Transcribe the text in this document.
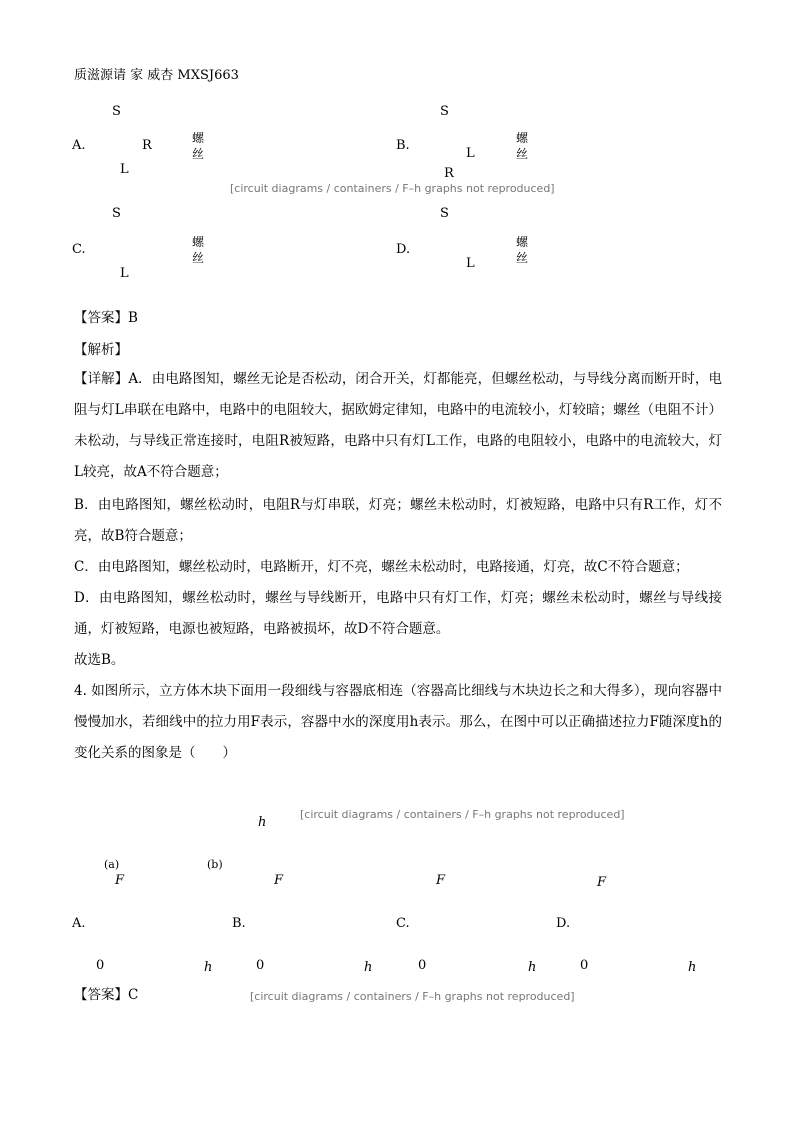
质滋源请 家 威杏 MXSJ663
A.
S
R
L
螺丝
B.
S
R
L
螺丝
C.
S
L
螺丝
D.
S
L
螺丝
[circuit diagrams / containers / F–h graphs not reproduced]
【答案】B
【解析】
【详解】A．由电路图知，螺丝无论是否松动，闭合开关，灯都能亮，但螺丝松动，与导线分离而断开时，电阻与灯L串联在电路中，电路中的电阻较大，据欧姆定律知，电路中的电流较小，灯较暗；螺丝（电阻不计）未松动，与导线正常连接时，电阻R被短路，电路中只有灯L工作，电路的电阻较小，电路中的电流较大，灯L较亮，故A不符合题意；
B．由电路图知，螺丝松动时，电阻R与灯串联，灯亮；螺丝未松动时，灯被短路，电路中只有R工作，灯不亮，故B符合题意；
C．由电路图知，螺丝松动时，电路断开，灯不亮，螺丝未松动时，电路接通，灯亮，故C不符合题意；
D．由电路图知，螺丝松动时，螺丝与导线断开，电路中只有灯工作，灯亮；螺丝未松动时，螺丝与导线接通，灯被短路，电源也被短路，电路被损坏，故D不符合题意。
故选B。
4. 如图所示，立方体木块下面用一段细线与容器底相连（容器高比细线与木块边长之和大得多），现向容器中慢慢加水，若细线中的拉力用F表示，容器中水的深度用h表示。那么，在图中可以正确描述拉力F随深度h的变化关系的图象是（　　）
(a)	(b)
h
[circuit diagrams / containers / F–h graphs not reproduced]
A.
F
0	h
B.
F
0	h
C.
F
0	h
D.
F
0	h
[circuit diagrams / containers / F–h graphs not reproduced]
【答案】C
